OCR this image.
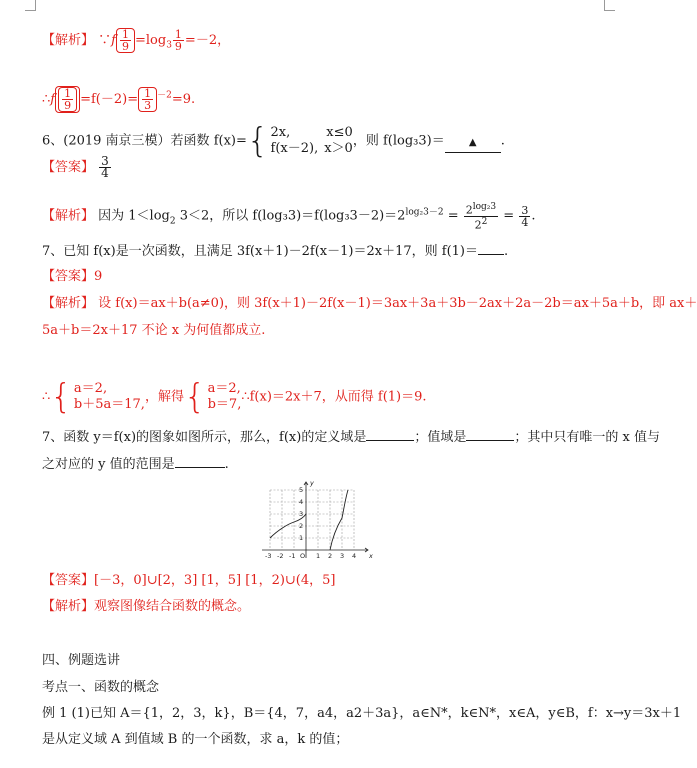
【解析】 ∵f $\frac{1}{9} =\log_3 \frac{1}{9} =-2$，
∴f $\frac{1}{9} =f(-2)= \frac{1}{3} ^{-2}=9$.
6、(2019 南京三模）若函数 f(x)= { 2x,	x≤0
f(x－2), x＞0 ，则 f(log₃3)＝ ▲ .
【答案】 $\frac{3}{4}$
【解析】 因为 $1<\log_2$ 3＜2，所以 $f(\log_33)=f(\log_33-2)=2^{log_23-2} = \frac{2^{log_23}}{2^2} = \frac{3}{4}$ .
7、已知 f(x)是一次函数，且满足 3f(x＋1)－2f(x－1)＝2x＋17，则 f(1)＝ .
【答案】9
【解析】 设 f(x)＝ax＋b(a≠0)，则 3f(x＋1)－2f(x－1)＝3ax＋3a＋3b－2ax＋2a－2b＝ax＋5a＋b，即 ax＋
5a＋b＝2x＋17 不论 x 为何值都成立.
∴ { a＝2,
b＋5a＝17, ，解得 { a＝2,
b＝7, ∴f(x)＝2x＋7，从而得 f(1)＝9.
7、函数 y＝f(x)的图象如图所示，那么，f(x)的定义域是	；值域是	；其中只有唯一的 x 值与
之对应的 y 值的范围是	.
y
x
5
4
3
2
1
-3 -2 -1 O 1 2 3 4
【答案】[－3，0]∪[2，3] [1，5] [1，2)∪(4，5]
【解析】观察图像结合函数的概念。
四、例题选讲
考点一、函数的概念
例 1 (1)已知 A＝{1，2，3，k}，B＝{4，7，a4，a2＋3a}，a∈N*，k∈N*，x∈A，y∈B，f：x→y＝3x＋1
是从定义域 A 到值域 B 的一个函数，求 a，k 的值；
